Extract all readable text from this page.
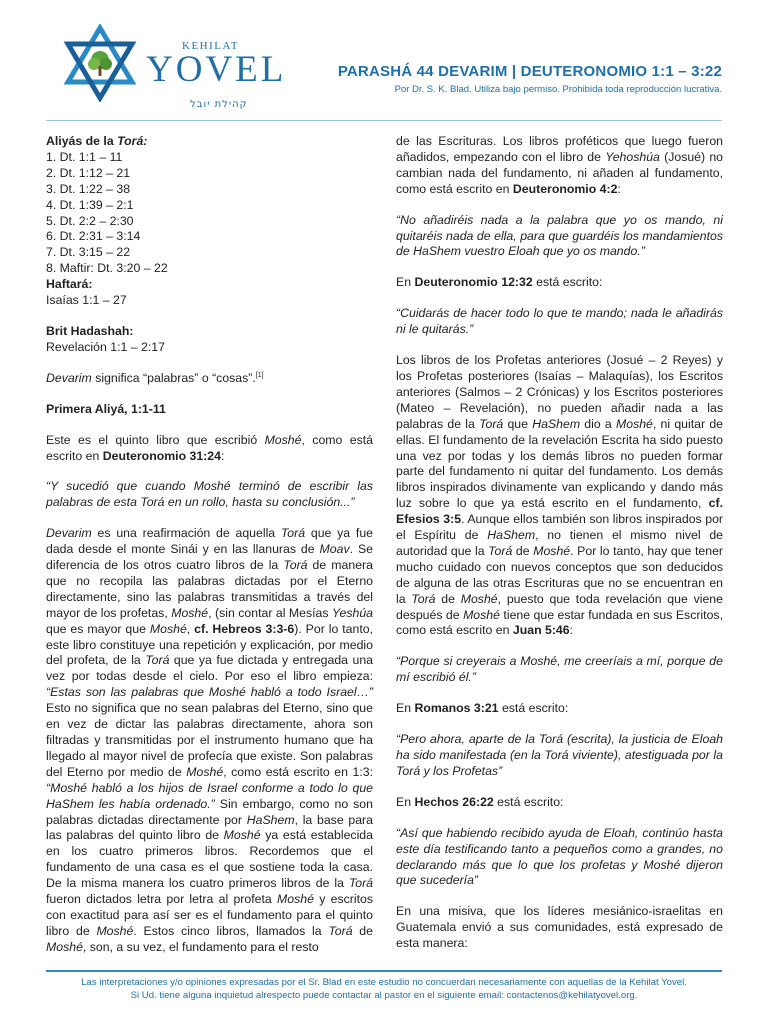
KEHILAT
YOVEL
קהילת יובל
PARASHÁ 44 DEVARIM | DEUTERONOMIO 1:1 – 3:22
Por Dr. S. K. Blad. Utiliza bajo permiso. Prohibida toda reproducción lucrativa.

Aliyás de la Torá:

1. Dt. 1:1 – 11

2. Dt. 1:12 – 21

3. Dt. 1:22 – 38

4. Dt. 1:39 – 2:1

5. Dt. 2:2 – 2:30

6. Dt. 2:31 – 3:14

7. Dt. 3:15 – 22

8. Maftir: Dt. 3:20 – 22

Haftará:

Isaías 1:1 – 27

Brit Hadashah:

Revelación 1:1 – 2:17

Devarim significa “palabras” o “cosas”.[1]

Primera Aliyá, 1:1-11

Este es el quinto libro que escribió Moshé, como está escrito en Deuteronomio 31:24:

“Y sucedió que cuando Moshé terminó de escribir las palabras de esta Torá en un rollo, hasta su conclusión...”

Devarim es una reafirmación de aquella Torá que ya fue dada desde el monte Sinái y en las llanuras de Moav. Se diferencia de los otros cuatro libros de la Torá de manera que no recopila las palabras dictadas por el Eterno directamente, sino las palabras transmitidas a través del mayor de los profetas, Moshé, (sin contar al Mesías Yeshúa que es mayor que Moshé, cf. Hebreos 3:3-6). Por lo tanto, este libro constituye una repetición y explicación, por medio del profeta, de la Torá que ya fue dictada y entregada una vez por todas desde el cielo. Por eso el libro empieza: “Estas son las palabras que Moshé habló a todo Israel…” Esto no significa que no sean palabras del Eterno, sino que en vez de dictar las palabras directamente, ahora son filtradas y transmitidas por el instrumento humano que ha llegado al mayor nivel de profecía que existe. Son palabras del Eterno por medio de Moshé, como está escrito en 1:3: “Moshé habló a los hijos de Israel conforme a todo lo que HaShem les había ordenado.” Sin embargo, como no son palabras dictadas directamente por HaShem, la base para las palabras del quinto libro de Moshé ya está establecida en los cuatro primeros libros. Recordemos que el fundamento de una casa es el que sostiene toda la casa. De la misma manera los cuatro primeros libros de la Torá fueron dictados letra por letra al profeta Moshé y escritos con exactitud para así ser es el fundamento para el quinto libro de Moshé. Estos cinco libros, llamados la Torá de Moshé, son, a su vez, el fundamento para el resto

de las Escrituras. Los libros proféticos que luego fueron añadidos, empezando con el libro de Yehoshúa (Josué) no cambian nada del fundamento, ni añaden al fundamento, como está escrito en Deuteronomio 4:2:

“No añadiréis nada a la palabra que yo os mando, ni quitaréis nada de ella, para que guardéis los mandamientos de HaShem vuestro Eloah que yo os mando.”

En Deuteronomio 12:32 está escrito:

“Cuidarás de hacer todo lo que te mando; nada le añadirás ni le quitarás.”

Los libros de los Profetas anteriores (Josué – 2 Reyes) y los Profetas posteriores (Isaías – Malaquías), los Escritos anteriores (Salmos – 2 Crónicas) y los Escritos posteriores (Mateo – Revelación), no pueden añadir nada a las palabras de la Torá que HaShem dio a Moshé, ni quitar de ellas. El fundamento de la revelación Escrita ha sido puesto una vez por todas y los demás libros no pueden formar parte del fundamento ni quitar del fundamento. Los demás libros inspirados divinamente van explicando y dando más luz sobre lo que ya está escrito en el fundamento, cf. Efesios 3:5. Aunque ellos también son libros inspirados por el Espíritu de HaShem, no tienen el mismo nivel de autoridad que la Torá de Moshé. Por lo tanto, hay que tener mucho cuidado con nuevos conceptos que son deducidos de alguna de las otras Escrituras que no se encuentran en la Torá de Moshé, puesto que toda revelación que viene después de Moshé tiene que estar fundada en sus Escritos, como está escrito en Juan 5:46:

“Porque si creyerais a Moshé, me creeríais a mí, porque de mí escribió él.”

En Romanos 3:21 está escrito:

“Pero ahora, aparte de la Torá (escrita), la justicia de Eloah ha sido manifestada (en la Torá viviente), atestiguada por la Torá y los Profetas”

En Hechos 26:22 está escrito:

“Así que habiendo recibido ayuda de Eloah, continúo hasta este día testificando tanto a pequeños como a grandes, no declarando más que lo que los profetas y Moshé dijeron que sucedería”

En una misiva, que los líderes mesiánico-israelitas en Guatemala envió a sus comunidades, está expresado de esta manera:

Las interpretaciones y/o opiniones expresadas por el Sr. Blad en este estudio no concuerdan necesariamente con aquellas de la Kehilat Yovel.
Si Ud. tiene alguna inquietud alrespecto puede contactar al pastor en el siguiente email: contactenos@kehilatyovel.org.
